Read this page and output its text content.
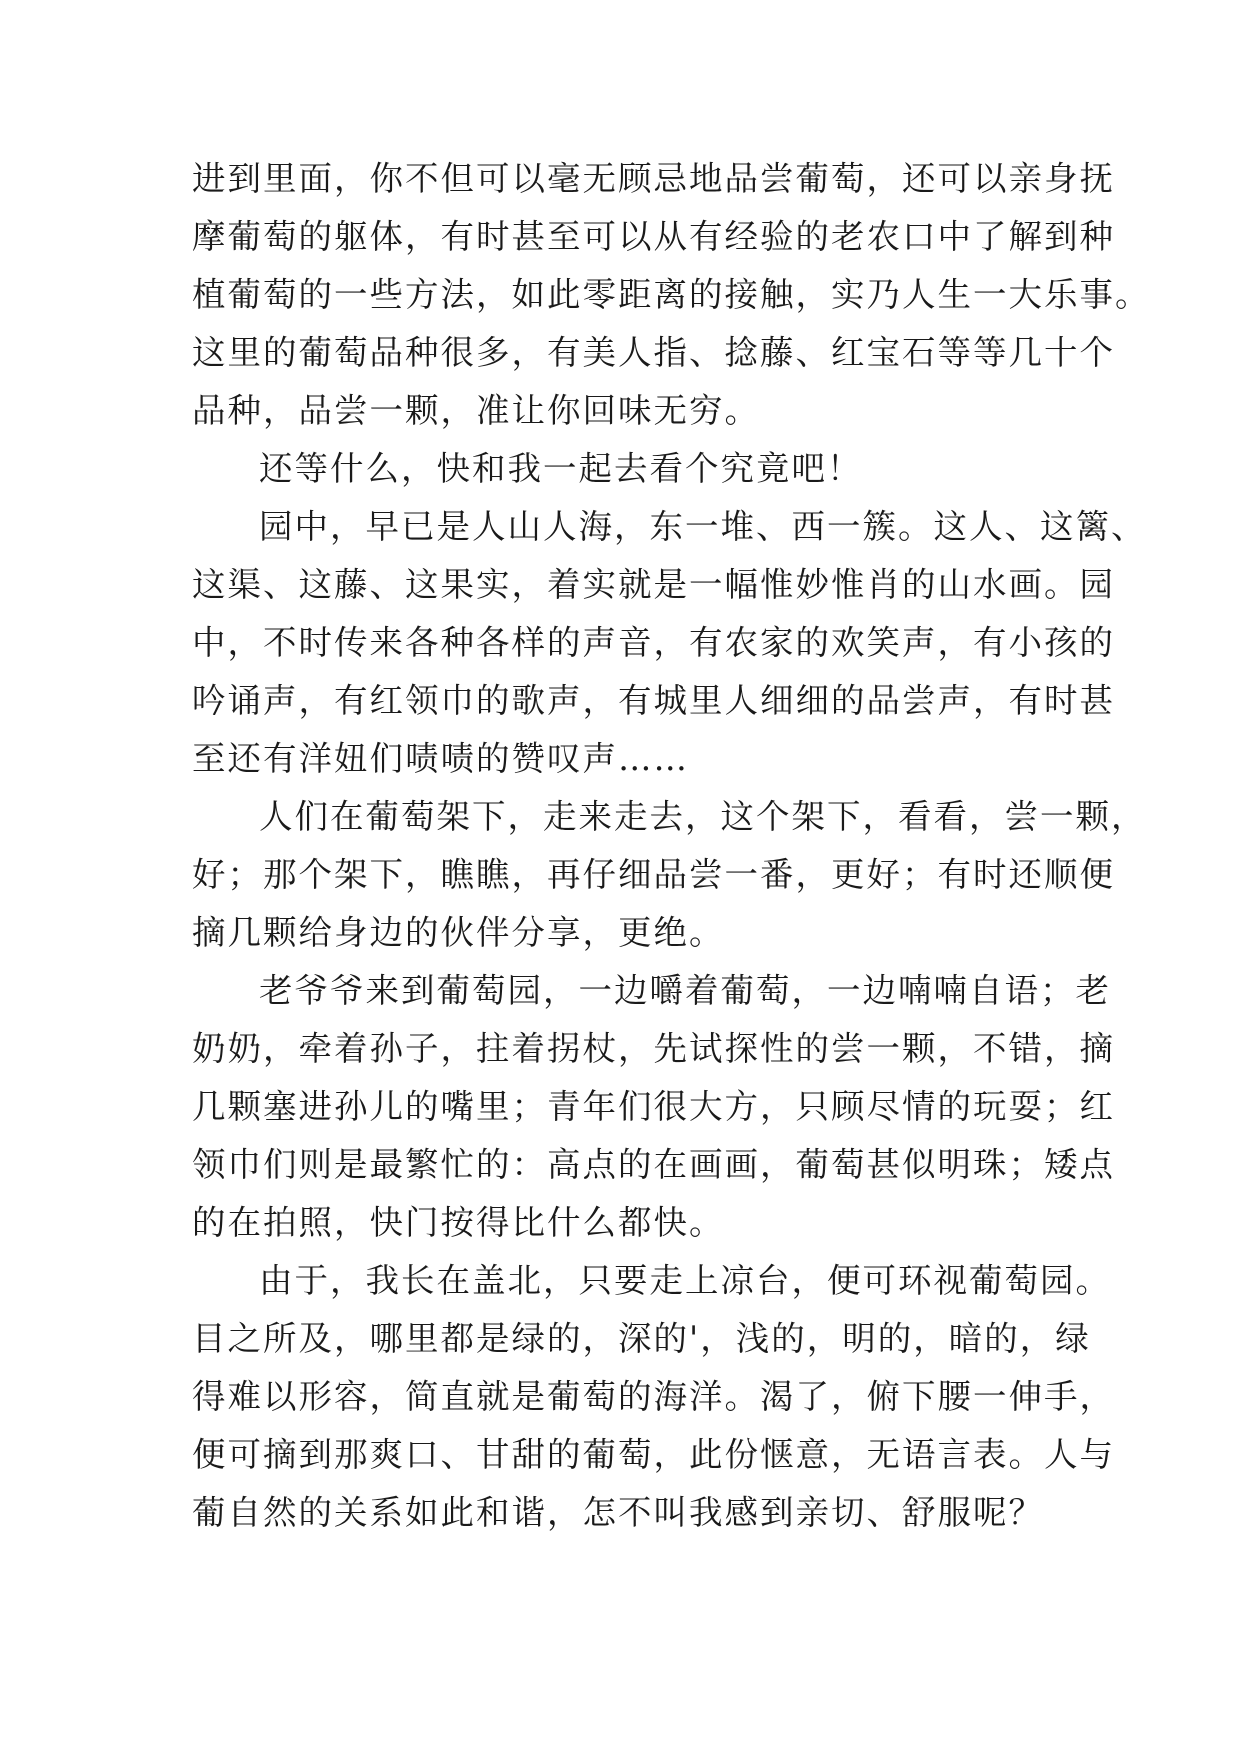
进到里面，你不但可以毫无顾忌地品尝葡萄，还可以亲身抚
摩葡萄的躯体，有时甚至可以从有经验的老农口中了解到种
植葡萄的一些方法，如此零距离的接触，实乃人生一大乐事。
这里的葡萄品种很多，有美人指、捻藤、红宝石等等几十个
品种，品尝一颗，准让你回味无穷。
还等什么，快和我一起去看个究竟吧！
园中，早已是人山人海，东一堆、西一簇。这人、这篱、
这渠、这藤、这果实，着实就是一幅惟妙惟肖的山水画。园
中，不时传来各种各样的声音，有农家的欢笑声，有小孩的
吟诵声，有红领巾的歌声，有城里人细细的品尝声，有时甚
至还有洋妞们啧啧的赞叹声……
人们在葡萄架下，走来走去，这个架下，看看，尝一颗，
好；那个架下，瞧瞧，再仔细品尝一番，更好；有时还顺便
摘几颗给身边的伙伴分享，更绝。
老爷爷来到葡萄园，一边嚼着葡萄，一边喃喃自语；老
奶奶，牵着孙子，拄着拐杖，先试探性的尝一颗，不错，摘
几颗塞进孙儿的嘴里；青年们很大方，只顾尽情的玩耍；红
领巾们则是最繁忙的：高点的在画画，葡萄甚似明珠；矮点
的在拍照，快门按得比什么都快。
由于，我长在盖北，只要走上凉台，便可环视葡萄园。
目之所及，哪里都是绿的，深的'，浅的，明的，暗的，绿
得难以形容，简直就是葡萄的海洋。渴了，俯下腰一伸手，
便可摘到那爽口、甘甜的葡萄，此份惬意，无语言表。人与
葡自然的关系如此和谐，怎不叫我感到亲切、舒服呢？
